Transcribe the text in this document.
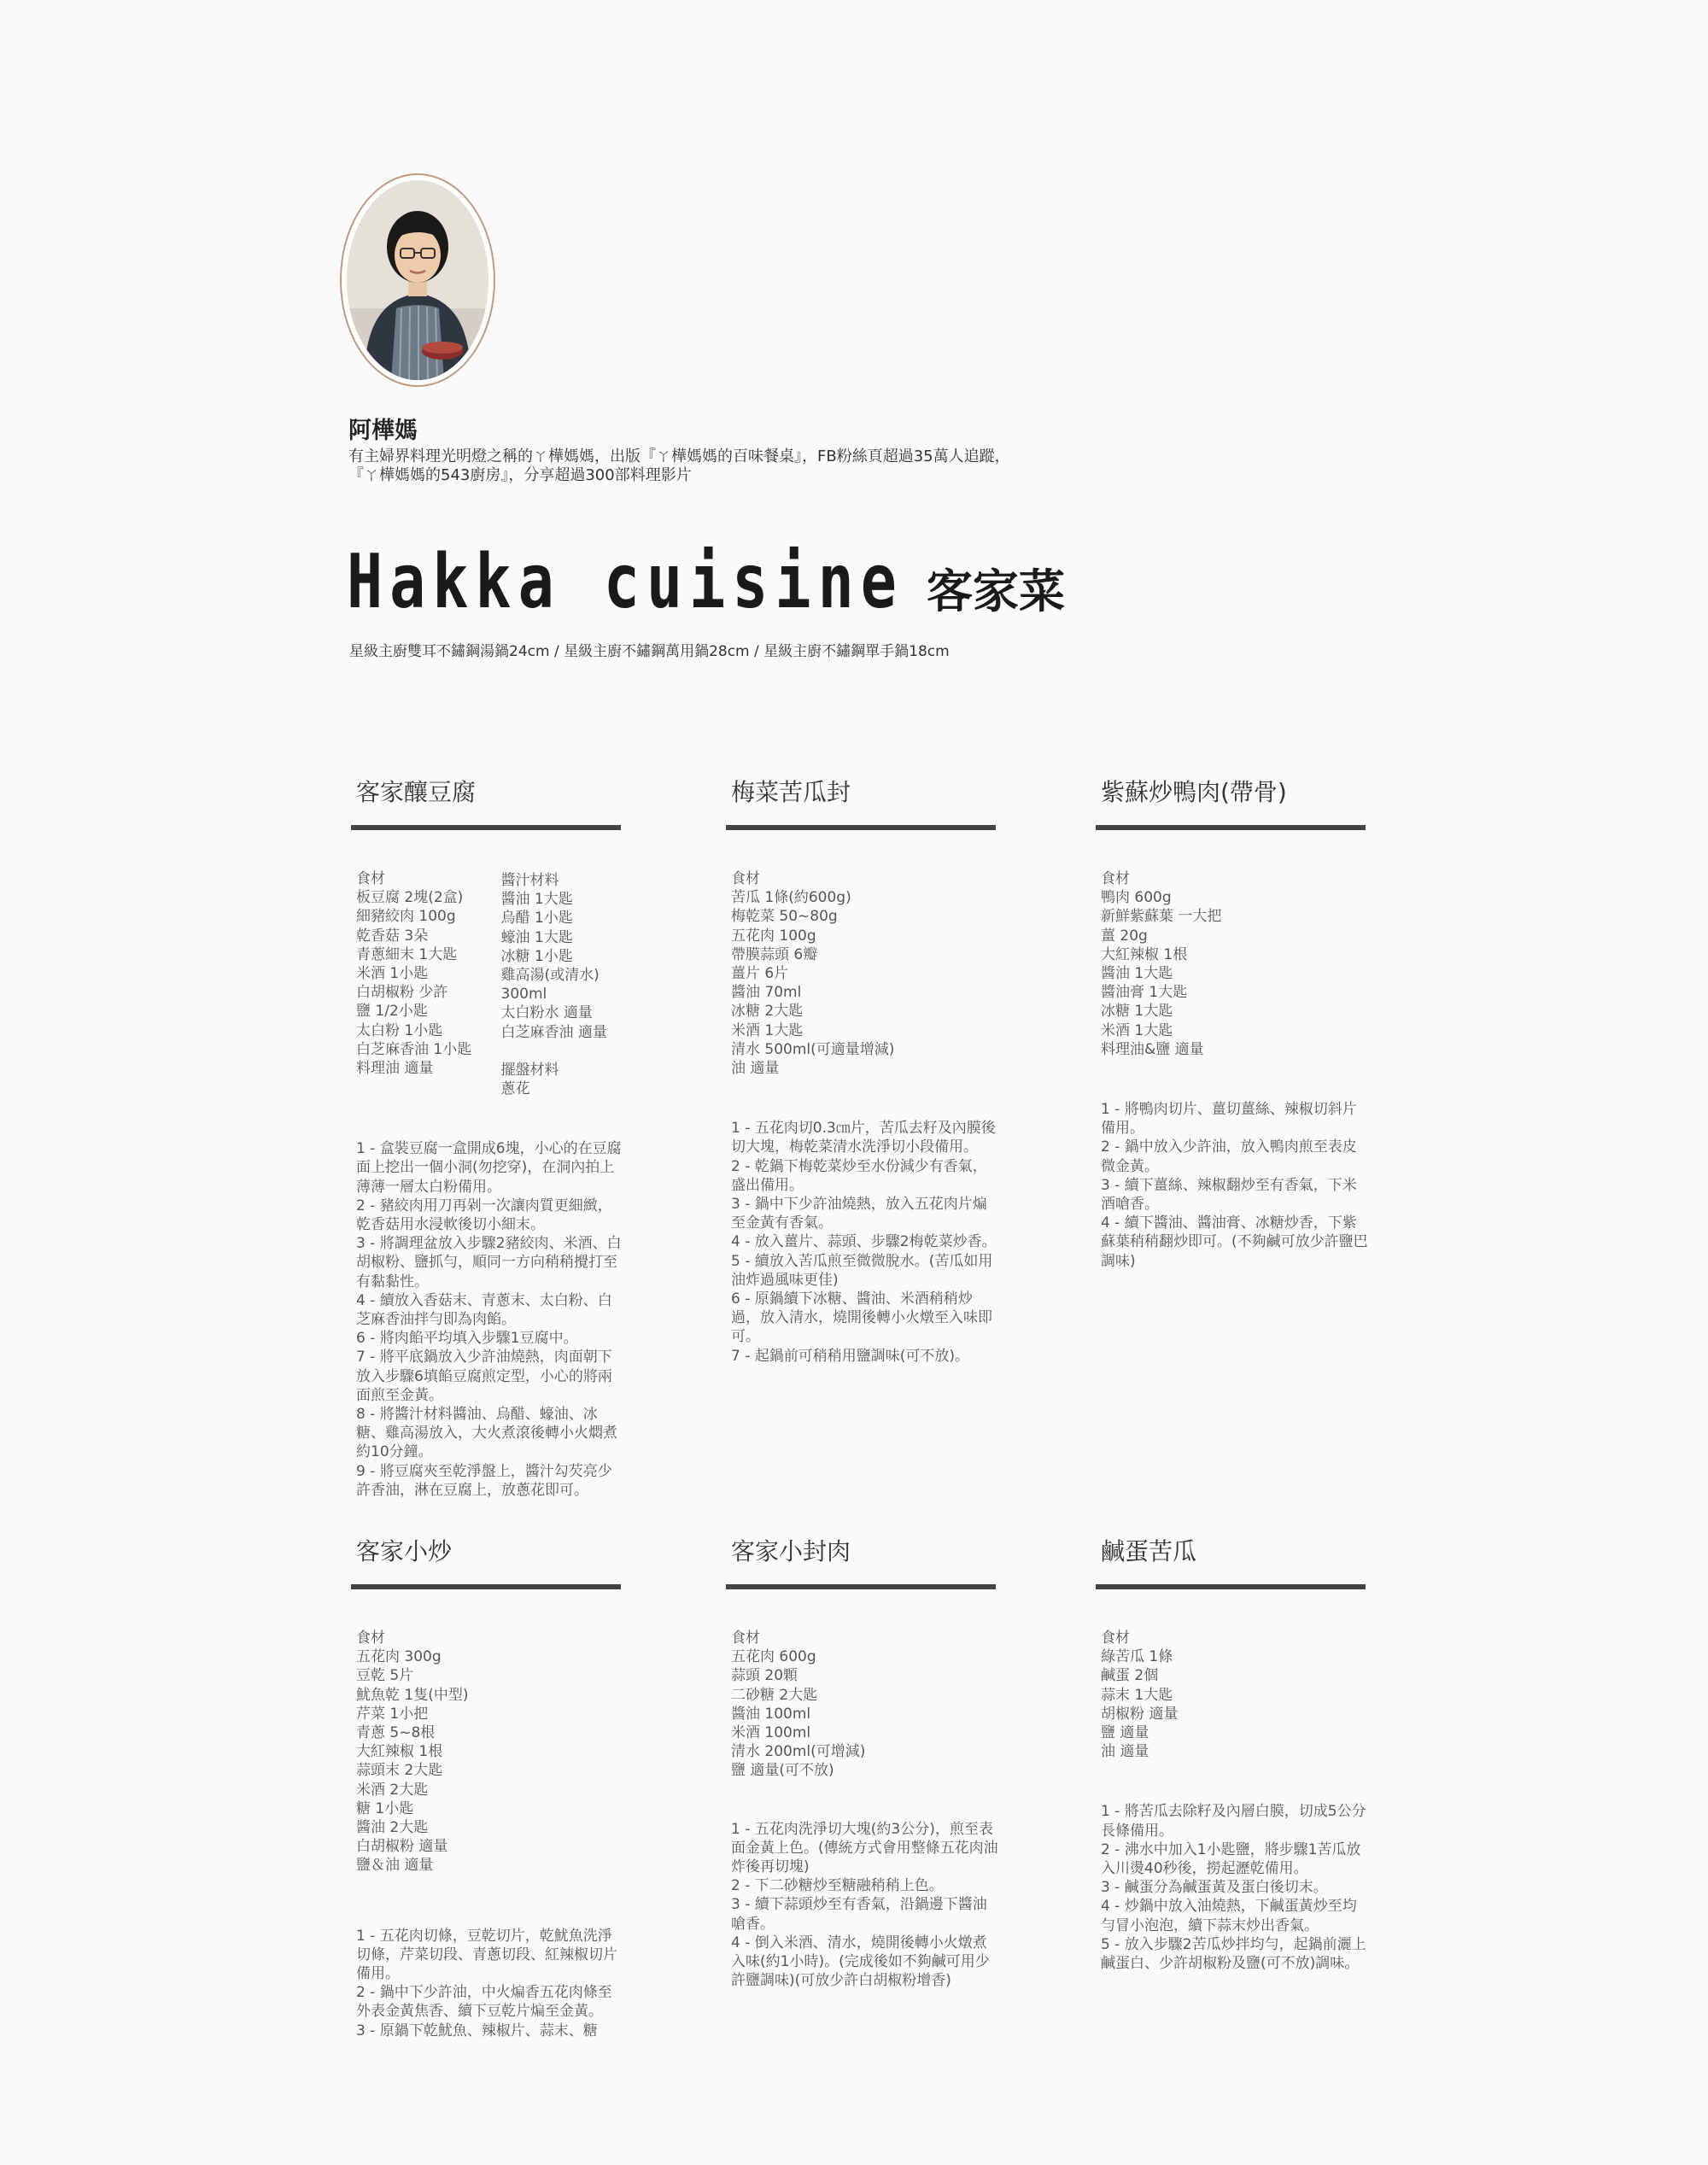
阿樺媽
有主婦界料理光明燈之稱的ㄚ樺媽媽，出版『ㄚ樺媽媽的百味餐桌』，FB粉絲頁超過35萬人追蹤，『ㄚ樺媽媽的543廚房』，分享超過300部料理影片
Hakka cuisine 客家菜
星級主廚雙耳不鏽鋼湯鍋24cm / 星級主廚不鏽鋼萬用鍋28cm / 星級主廚不鏽鋼單手鍋18cm
客家釀豆腐
食材
板豆腐 2塊(2盒)
細豬絞肉 100g
乾香菇 3朵
青蔥細末 1大匙
米酒 1小匙
白胡椒粉 少許
鹽 1/2小匙
太白粉 1小匙
白芝麻香油 1小匙
料理油 適量
醬汁材料
醬油 1大匙
烏醋 1小匙
蠔油 1大匙
冰糖 1小匙
雞高湯(或清水)
300ml
太白粉水 適量
白芝麻香油 適量
擺盤材料
蔥花
1 - 盒裝豆腐一盒開成6塊，小心的在豆腐面上挖出一個小洞(勿挖穿)，在洞內拍上薄薄一層太白粉備用。
2 - 豬絞肉用刀再剁一次讓肉質更細緻，乾香菇用水浸軟後切小細末。
3 - 將調理盆放入步驟2豬絞肉、米酒、白胡椒粉、鹽抓勻，順同一方向稍稍攪打至有黏黏性。
4 - 續放入香菇末、青蔥末、太白粉、白芝麻香油拌勻即為肉餡。
6 - 將肉餡平均填入步驟1豆腐中。
7 - 將平底鍋放入少許油燒熱，肉面朝下放入步驟6填餡豆腐煎定型，小心的將兩面煎至金黃。
8 - 將醬汁材料醬油、烏醋、蠔油、冰糖、雞高湯放入，大火煮滾後轉小火燜煮約10分鐘。
9 - 將豆腐夾至乾淨盤上，醬汁勾芡亮少許香油，淋在豆腐上，放蔥花即可。
梅菜苦瓜封
食材
苦瓜 1條(約600g)
梅乾菜 50~80g
五花肉 100g
帶膜蒜頭 6瓣
薑片 6片
醬油 70ml
冰糖 2大匙
米酒 1大匙
清水 500ml(可適量增減)
油 適量
1 - 五花肉切0.3㎝片，苦瓜去籽及內膜後切大塊，梅乾菜清水洗淨切小段備用。
2 - 乾鍋下梅乾菜炒至水份減少有香氣，盛出備用。
3 - 鍋中下少許油燒熱，放入五花肉片煸至金黃有香氣。
4 - 放入薑片、蒜頭、步驟2梅乾菜炒香。
5 - 續放入苦瓜煎至微微脫水。(苦瓜如用油炸過風味更佳)
6 - 原鍋續下冰糖、醬油、米酒稍稍炒過，放入清水，燒開後轉小火燉至入味即可。
7 - 起鍋前可稍稍用鹽調味(可不放)。
紫蘇炒鴨肉(帶骨)
食材
鴨肉 600g
新鮮紫蘇葉 一大把
薑 20g
大紅辣椒 1根
醬油 1大匙
醬油膏 1大匙
冰糖 1大匙
米酒 1大匙
料理油&鹽 適量
1 - 將鴨肉切片、薑切薑絲、辣椒切斜片備用。
2 - 鍋中放入少許油，放入鴨肉煎至表皮微金黃。
3 - 續下薑絲、辣椒翻炒至有香氣，下米酒嗆香。
4 - 續下醬油、醬油膏、冰糖炒香，下紫蘇葉稍稍翻炒即可。(不夠鹹可放少許鹽巴調味)
客家小炒
食材
五花肉 300g
豆乾 5片
魷魚乾 1隻(中型)
芹菜 1小把
青蔥 5~8根
大紅辣椒 1根
蒜頭末 2大匙
米酒 2大匙
糖 1小匙
醬油 2大匙
白胡椒粉 適量
鹽＆油 適量
1 - 五花肉切條，豆乾切片，乾魷魚洗淨切條，芹菜切段、青蔥切段、紅辣椒切片備用。
2 - 鍋中下少許油，中火煸香五花肉條至外表金黃焦香、續下豆乾片煸至金黃。
3 - 原鍋下乾魷魚、辣椒片、蒜末、糖
客家小封肉
食材
五花肉 600g
蒜頭 20顆
二砂糖 2大匙
醬油 100ml
米酒 100ml
清水 200ml(可增減)
鹽 適量(可不放)
1 - 五花肉洗淨切大塊(約3公分)，煎至表面金黃上色。(傳統方式會用整條五花肉油炸後再切塊)
2 - 下二砂糖炒至糖融稍稍上色。
3 - 續下蒜頭炒至有香氣，沿鍋邊下醬油嗆香。
4 - 倒入米酒、清水，燒開後轉小火燉煮入味(約1小時)。(完成後如不夠鹹可用少許鹽調味)(可放少許白胡椒粉增香)
鹹蛋苦瓜
食材
綠苦瓜 1條
鹹蛋 2個
蒜末 1大匙
胡椒粉 適量
鹽 適量
油 適量
1 - 將苦瓜去除籽及內層白膜，切成5公分長條備用。
2 - 沸水中加入1小匙鹽，將步驟1苦瓜放入川燙40秒後，撈起瀝乾備用。
3 - 鹹蛋分為鹹蛋黃及蛋白後切末。
4 - 炒鍋中放入油燒熱，下鹹蛋黃炒至均勻冒小泡泡，續下蒜末炒出香氣。
5 - 放入步驟2苦瓜炒拌均勻，起鍋前灑上鹹蛋白、少許胡椒粉及鹽(可不放)調味。
